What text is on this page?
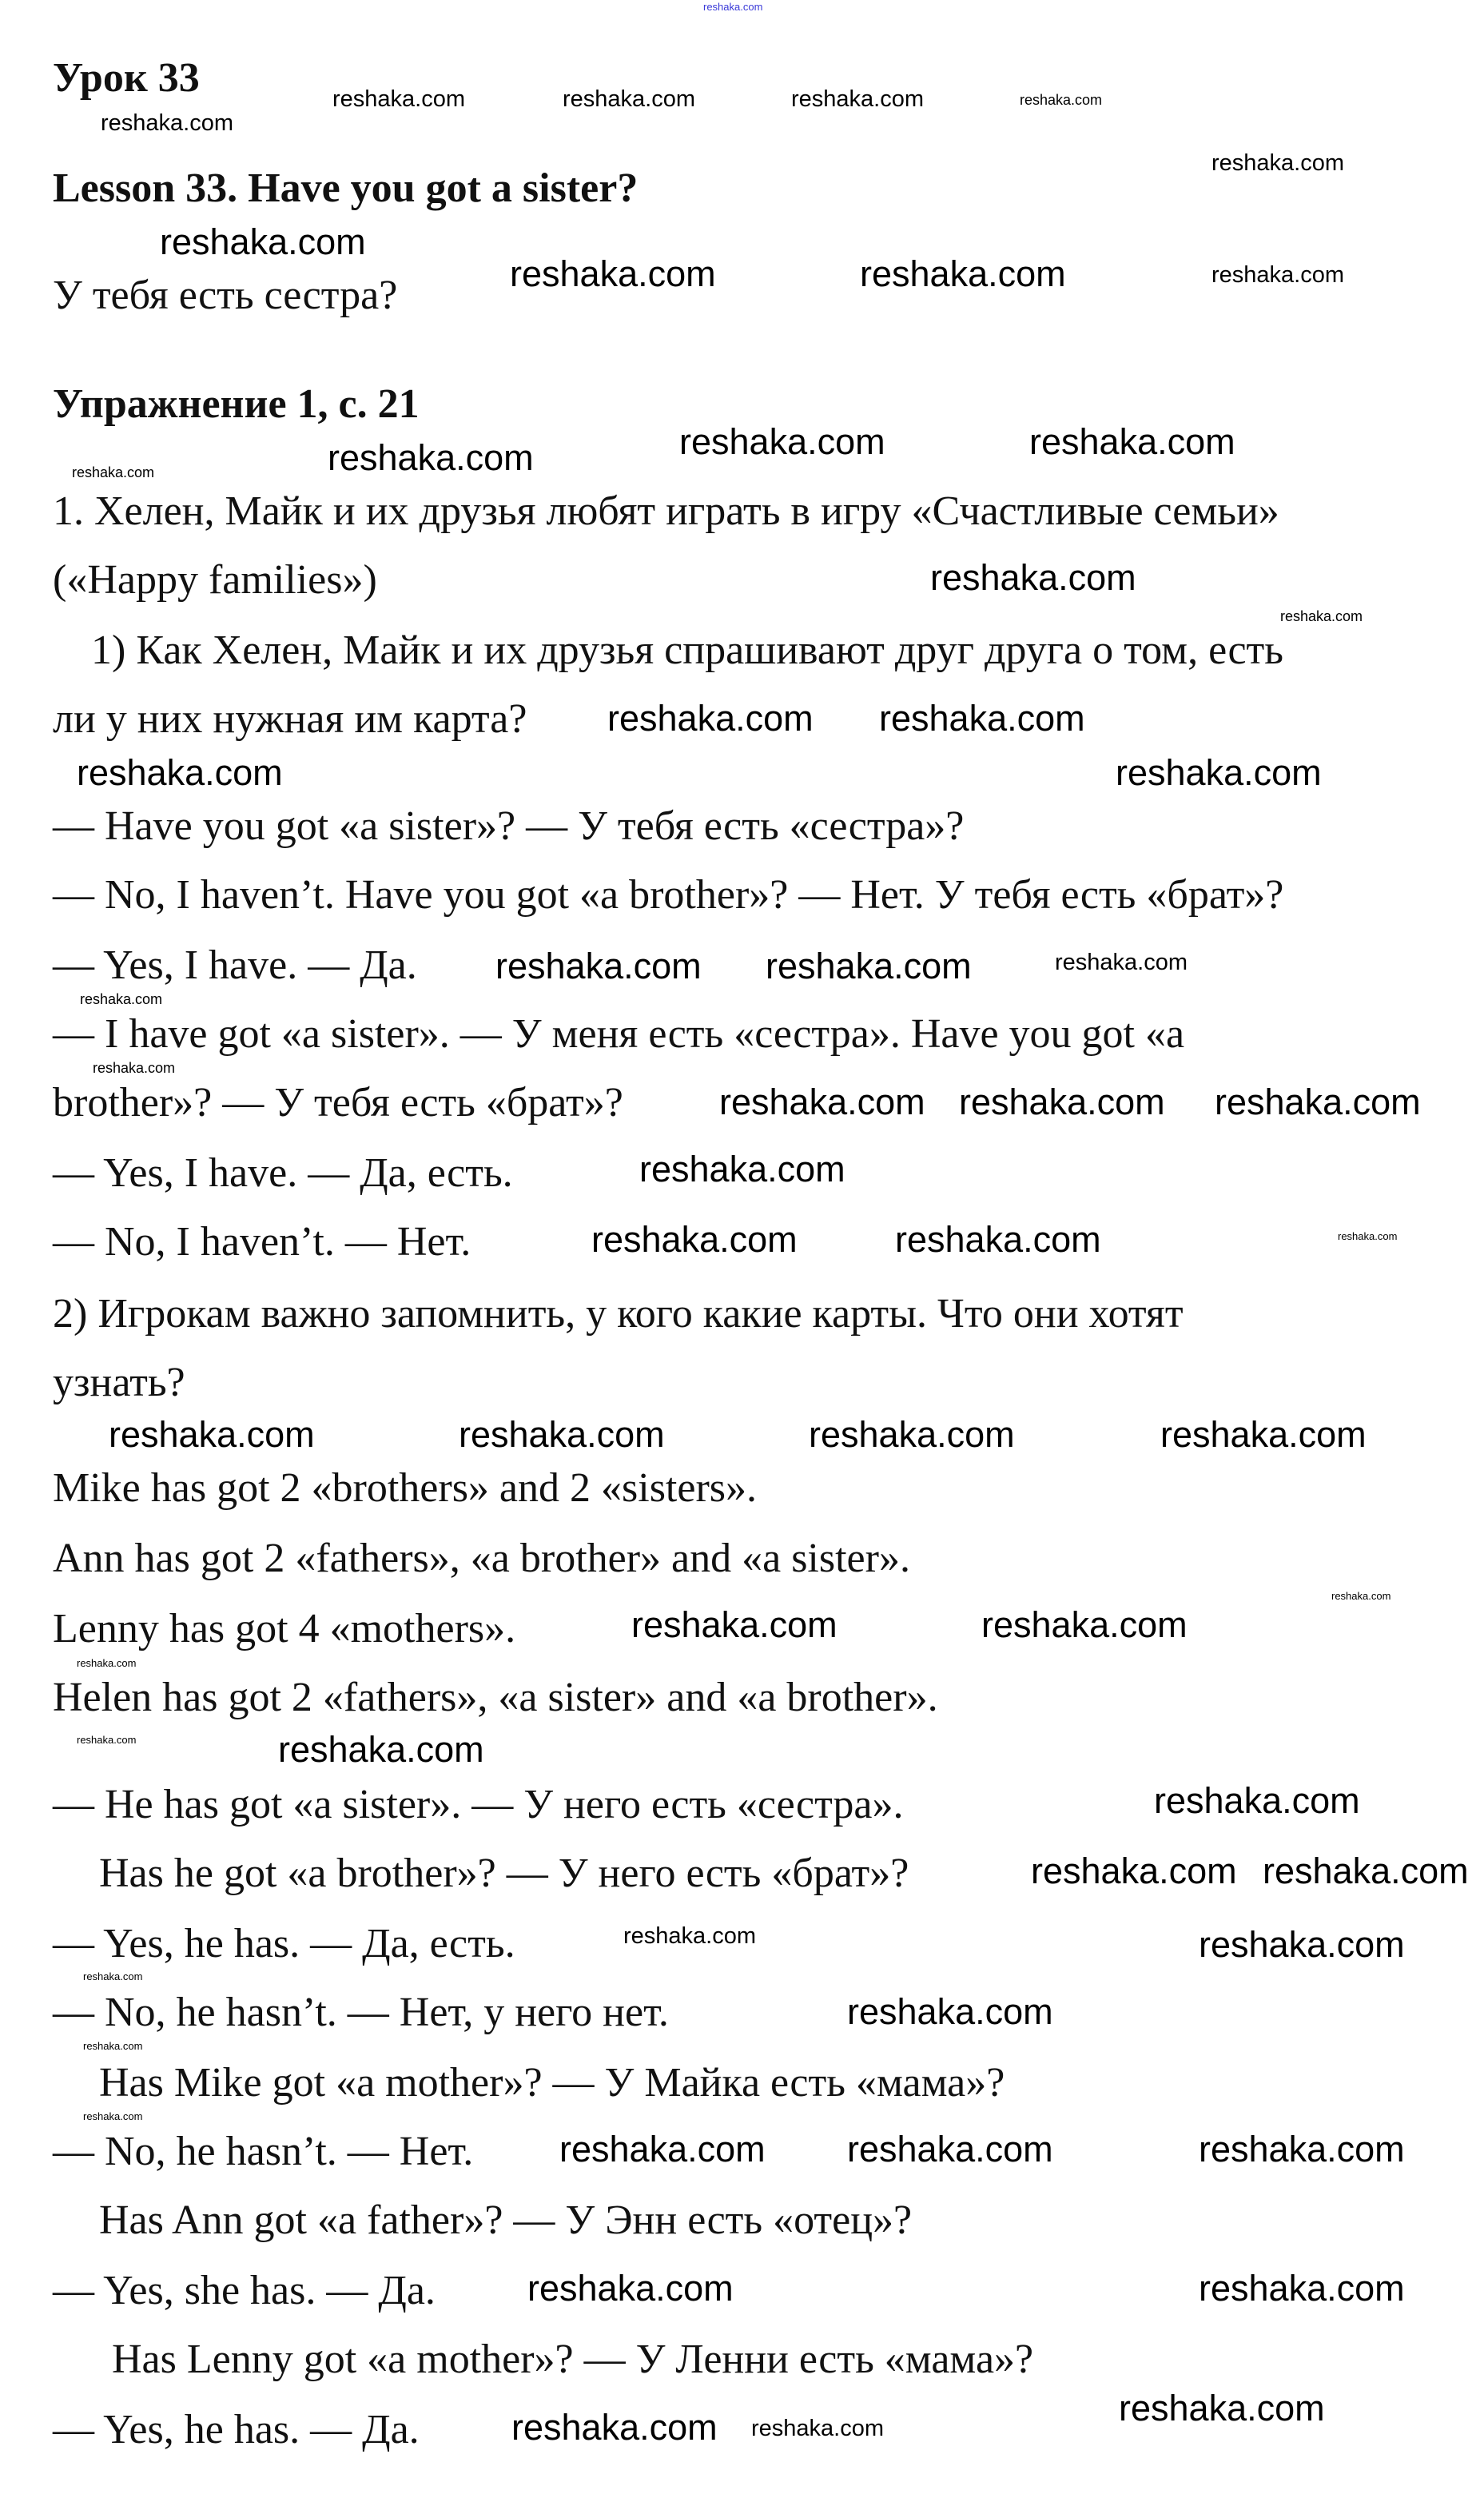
Урок 33
Lesson 33. Have you got a sister?
У тебя есть сестра?
Упражнение 1, с. 21
1. Хелен, Майк и их друзья любят играть в игру «Счастливые семьи»
(«Happy families»)
1) Как Хелен, Майк и их друзья спрашивают друг друга о том, есть
ли у них нужная им карта?
— Have you got «a sister»? — У тебя есть «сестра»?
— No, I haven’t. Have you got «a brother»? — Нет. У тебя есть «брат»?
— Yes, I have. — Да.
— I have got «a sister». — У меня есть «сестра». Have you got «a
brother»? — У тебя есть «брат»?
— Yes, I have. — Да, есть.
— No, I haven’t. — Нет.
2) Игрокам важно запомнить, у кого какие карты. Что они хотят
узнать?
Mike has got 2 «brothers» and 2 «sisters».
Ann has got 2 «fathers», «a brother» and «a sister».
Lenny has got 4 «mothers».
Helen has got 2 «fathers», «a sister» and «a brother».
— He has got «a sister». — У него есть «сестра».
Has he got «a brother»? — У него есть «брат»?
— Yes, he has. — Да, есть.
— No, he hasn’t. — Нет, у него нет.
Has Mike got «a mother»? — У Майка есть «мама»?
— No, he hasn’t. — Нет.
Has Ann got «a father»? — У Энн есть «отец»?
— Yes, she has. — Да.
Has Lenny got «a mother»? — У Ленни есть «мама»?
— Yes, he has. — Да.
reshaka.com
reshaka.com
reshaka.com	reshaka.com	reshaka.com	reshaka.com
reshaka.com
reshaka.com
reshaka.com	reshaka.com	reshaka.com
reshaka.com	reshaka.com
reshaka.com	reshaka.com
reshaka.com
reshaka.com
reshaka.com
reshaka.com reshaka.com
reshaka.com
reshaka.com
reshaka.com reshaka.com
reshaka.com
reshaka.com
reshaka.com reshaka.com reshaka.com
reshaka.com
reshaka.com
reshaka.com	reshaka.com
reshaka.com	reshaka.com	reshaka.com	reshaka.com
reshaka.com	reshaka.com
reshaka.com
reshaka.com
reshaka.com
reshaka.com
reshaka.com
reshaka.com
reshaka.com reshaka.com
reshaka.com
reshaka.com
reshaka.com
reshaka.com
reshaka.com
reshaka.com
reshaka.com
reshaka.com
reshaka.com	reshaka.com
reshaka.com	reshaka.com
reshaka.com
